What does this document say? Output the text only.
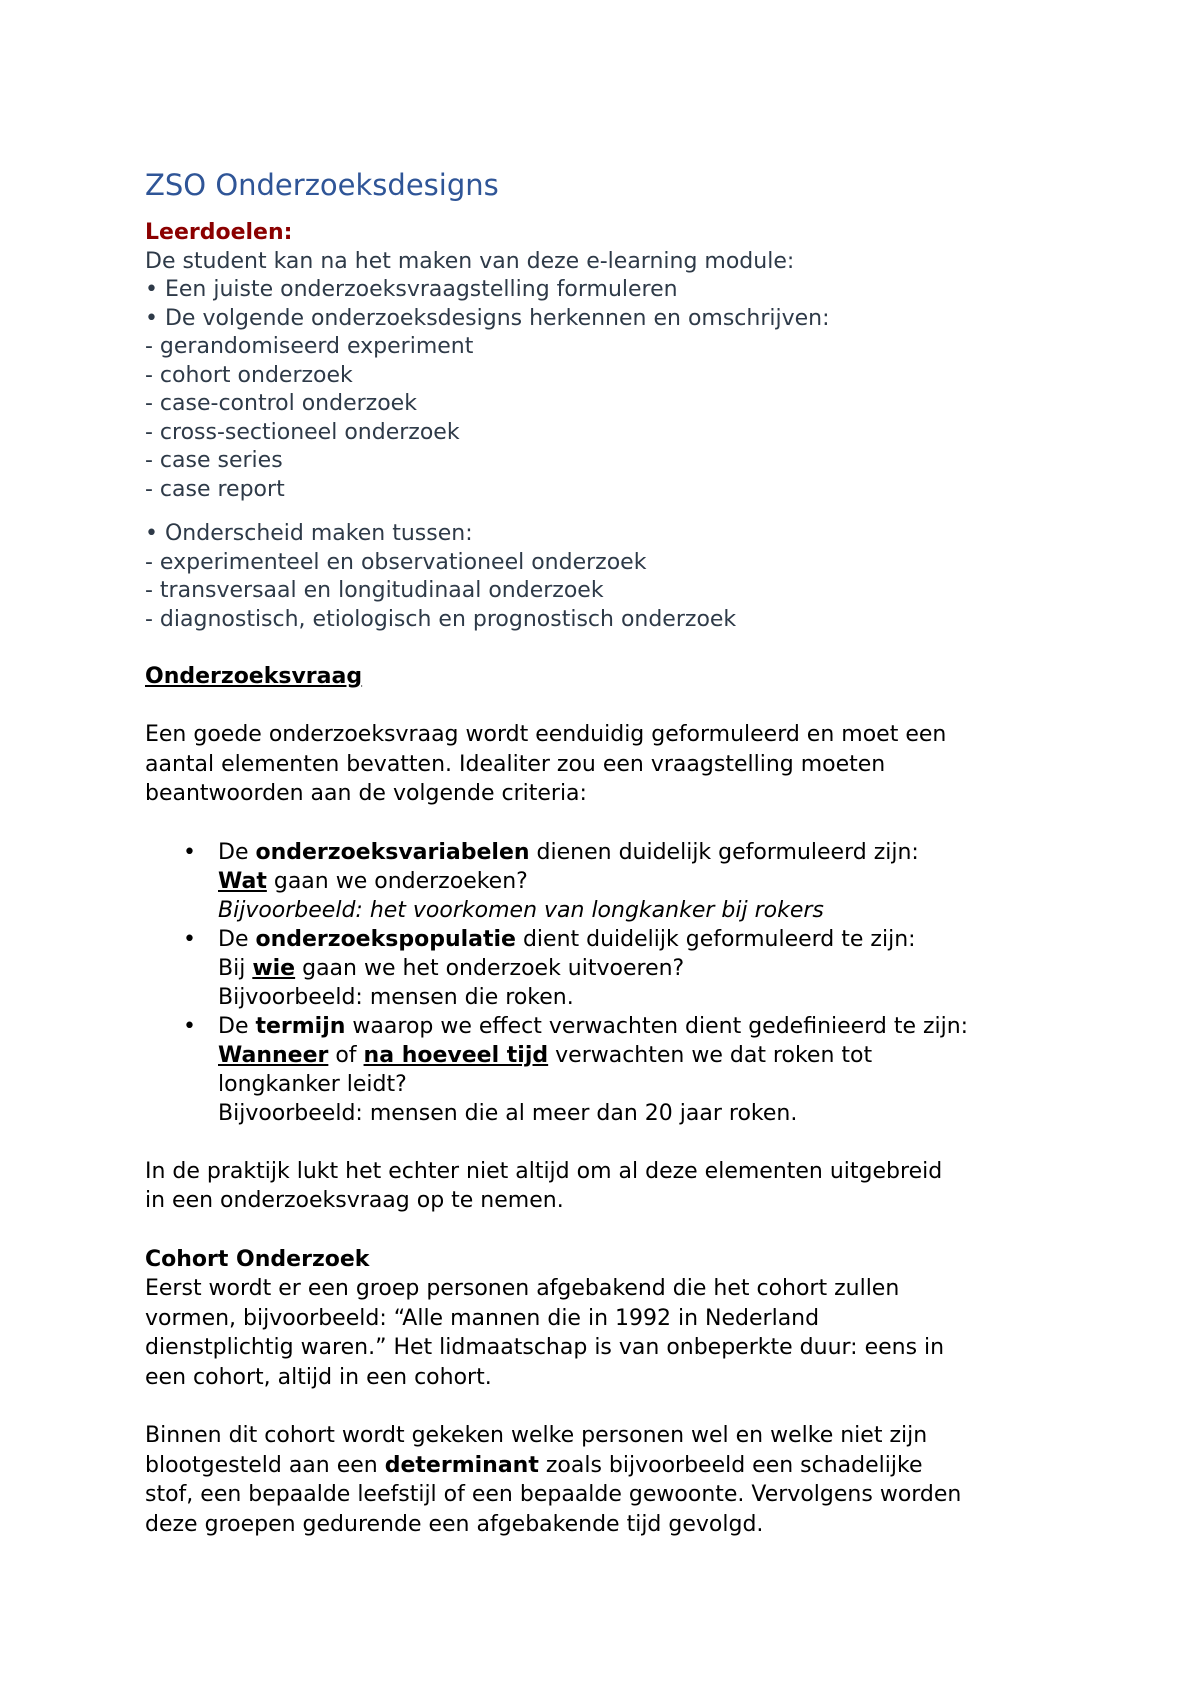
ZSO Onderzoeksdesigns
Leerdoelen:
De student kan na het maken van deze e-learning module:
• Een juiste onderzoeksvraagstelling formuleren
• De volgende onderzoeksdesigns herkennen en omschrijven:
- gerandomiseerd experiment
- cohort onderzoek
- case-control onderzoek
- cross-sectioneel onderzoek
- case series
- case report
• Onderscheid maken tussen:
- experimenteel en observationeel onderzoek
- transversaal en longitudinaal onderzoek
- diagnostisch, etiologisch en prognostisch onderzoek
Onderzoeksvraag
Een goede onderzoeksvraag wordt eenduidig geformuleerd en moet een
aantal elementen bevatten. Idealiter zou een vraagstelling moeten
beantwoorden aan de volgende criteria:
• De onderzoeksvariabelen dienen duidelijk geformuleerd zijn:
Wat gaan we onderzoeken?
Bijvoorbeeld: het voorkomen van longkanker bij rokers
• De onderzoekspopulatie dient duidelijk geformuleerd te zijn:
Bij wie gaan we het onderzoek uitvoeren?
Bijvoorbeeld: mensen die roken.
• De termijn waarop we effect verwachten dient gedefinieerd te zijn:
Wanneer of na hoeveel tijd verwachten we dat roken tot
longkanker leidt?
Bijvoorbeeld: mensen die al meer dan 20 jaar roken.
In de praktijk lukt het echter niet altijd om al deze elementen uitgebreid
in een onderzoeksvraag op te nemen.
Cohort Onderzoek
Eerst wordt er een groep personen afgebakend die het cohort zullen
vormen, bijvoorbeeld: “Alle mannen die in 1992 in Nederland
dienstplichtig waren.” Het lidmaatschap is van onbeperkte duur: eens in
een cohort, altijd in een cohort.
Binnen dit cohort wordt gekeken welke personen wel en welke niet zijn
blootgesteld aan een determinant zoals bijvoorbeeld een schadelijke
stof, een bepaalde leefstijl of een bepaalde gewoonte. Vervolgens worden
deze groepen gedurende een afgebakende tijd gevolgd.
